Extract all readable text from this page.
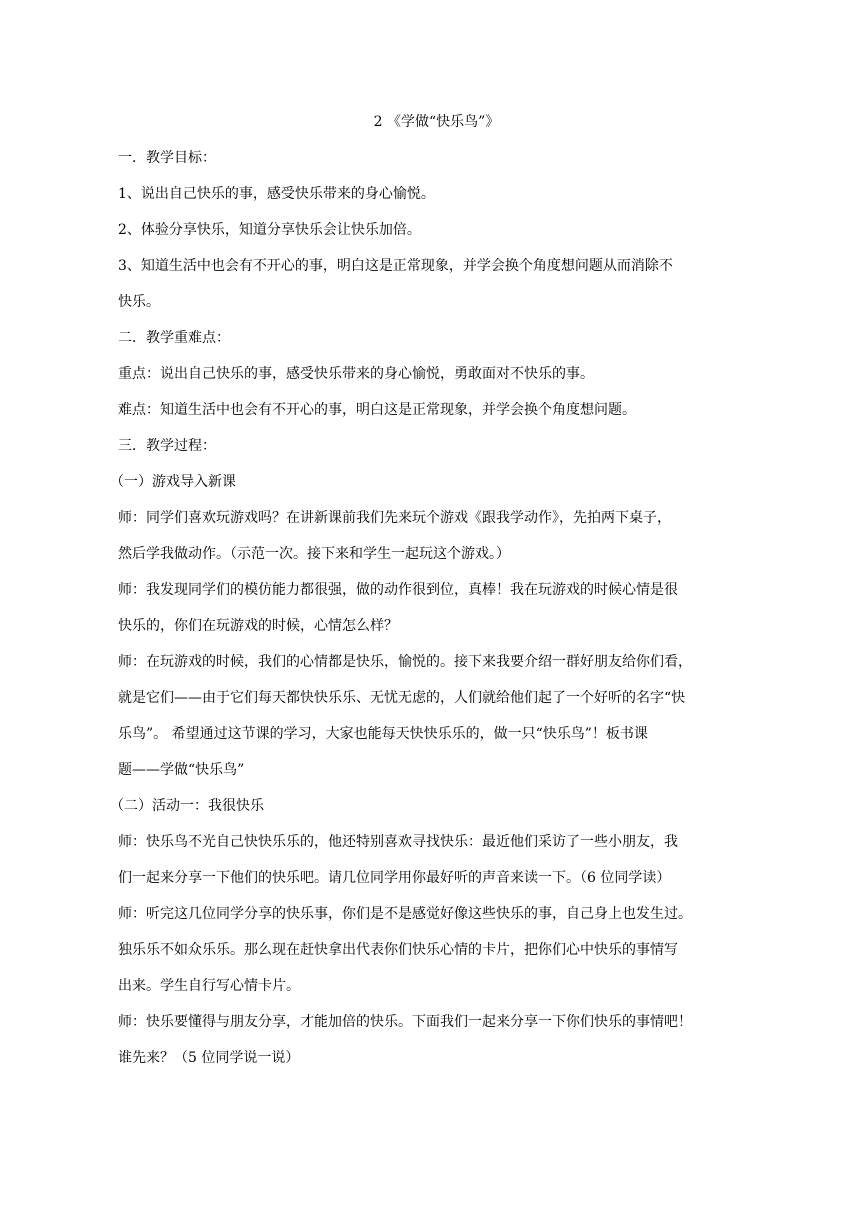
2 《学做“快乐鸟”》
一．教学目标：
1、说出自己快乐的事，感受快乐带来的身心愉悦。
2、体验分享快乐，知道分享快乐会让快乐加倍。
3、知道生活中也会有不开心的事，明白这是正常现象，并学会换个角度想问题从而消除不
快乐。
二．教学重难点：
重点：说出自己快乐的事，感受快乐带来的身心愉悦，勇敢面对不快乐的事。
难点：知道生活中也会有不开心的事，明白这是正常现象，并学会换个角度想问题。
三．教学过程：
（一）游戏导入新课
师：同学们喜欢玩游戏吗？在讲新课前我们先来玩个游戏《跟我学动作》，先拍两下桌子，
然后学我做动作。（示范一次。接下来和学生一起玩这个游戏。）
师：我发现同学们的模仿能力都很强，做的动作很到位，真棒！我在玩游戏的时候心情是很
快乐的，你们在玩游戏的时候，心情怎么样？
师：在玩游戏的时候，我们的心情都是快乐，愉悦的。接下来我要介绍一群好朋友给你们看，
就是它们——由于它们每天都快快乐乐、无忧无虑的，人们就给他们起了一个好听的名字“快
乐鸟”。 希望通过这节课的学习，大家也能每天快快乐乐的，做一只“快乐鸟”！板书课
题——学做“快乐鸟”
（二）活动一：我很快乐
师：快乐鸟不光自己快快乐乐的，他还特别喜欢寻找快乐：最近他们采访了一些小朋友，我
们一起来分享一下他们的快乐吧。请几位同学用你最好听的声音来读一下。（6 位同学读）
师：听完这几位同学分享的快乐事，你们是不是感觉好像这些快乐的事，自己身上也发生过。
独乐乐不如众乐乐。那么现在赶快拿出代表你们快乐心情的卡片，把你们心中快乐的事情写
出来。学生自行写心情卡片。
师：快乐要懂得与朋友分享，才能加倍的快乐。下面我们一起来分享一下你们快乐的事情吧！
谁先来？（5 位同学说一说）
